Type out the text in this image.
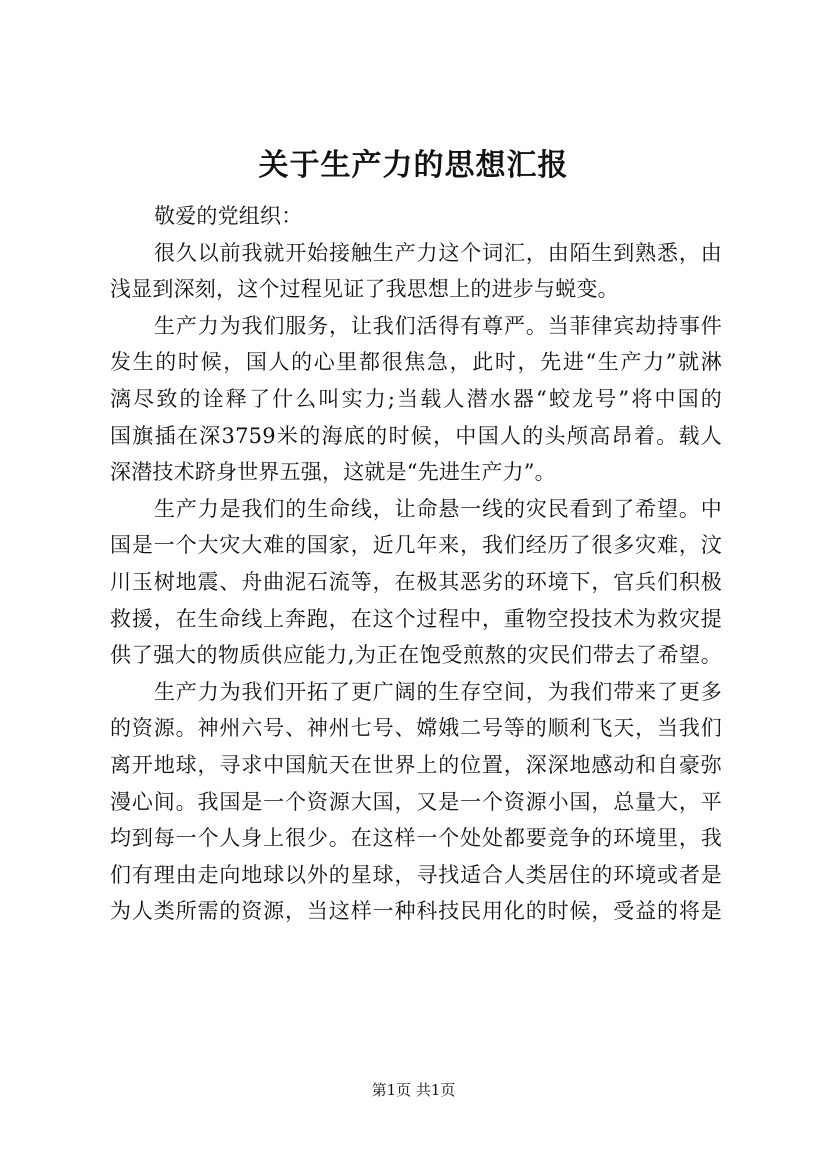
关于生产力的思想汇报
敬爱的党组织：
很久以前我就开始接触生产力这个词汇，由陌生到熟悉，由
浅显到深刻，这个过程见证了我思想上的进步与蜕变。
生产力为我们服务，让我们活得有尊严。当菲律宾劫持事件
发生的时候，国人的心里都很焦急，此时，先进“生产力”就淋
漓尽致的诠释了什么叫实力;当载人潜水器“蛟龙号”将中国的
国旗插在深3759米的海底的时候，中国人的头颅高昂着。载人
深潜技术跻身世界五强，这就是“先进生产力”。
生产力是我们的生命线，让命悬一线的灾民看到了希望。中
国是一个大灾大难的国家，近几年来，我们经历了很多灾难，汶
川玉树地震、舟曲泥石流等，在极其恶劣的环境下，官兵们积极
救援，在生命线上奔跑，在这个过程中，重物空投技术为救灾提
供了强大的物质供应能力,为正在饱受煎熬的灾民们带去了希望。
生产力为我们开拓了更广阔的生存空间，为我们带来了更多
的资源。神州六号、神州七号、嫦娥二号等的顺利飞天，当我们
离开地球，寻求中国航天在世界上的位置，深深地感动和自豪弥
漫心间。我国是一个资源大国，又是一个资源小国，总量大，平
均到每一个人身上很少。在这样一个处处都要竞争的环境里，我
们有理由走向地球以外的星球，寻找适合人类居住的环境或者是
为人类所需的资源，当这样一种科技民用化的时候，受益的将是
第1页 共1页
